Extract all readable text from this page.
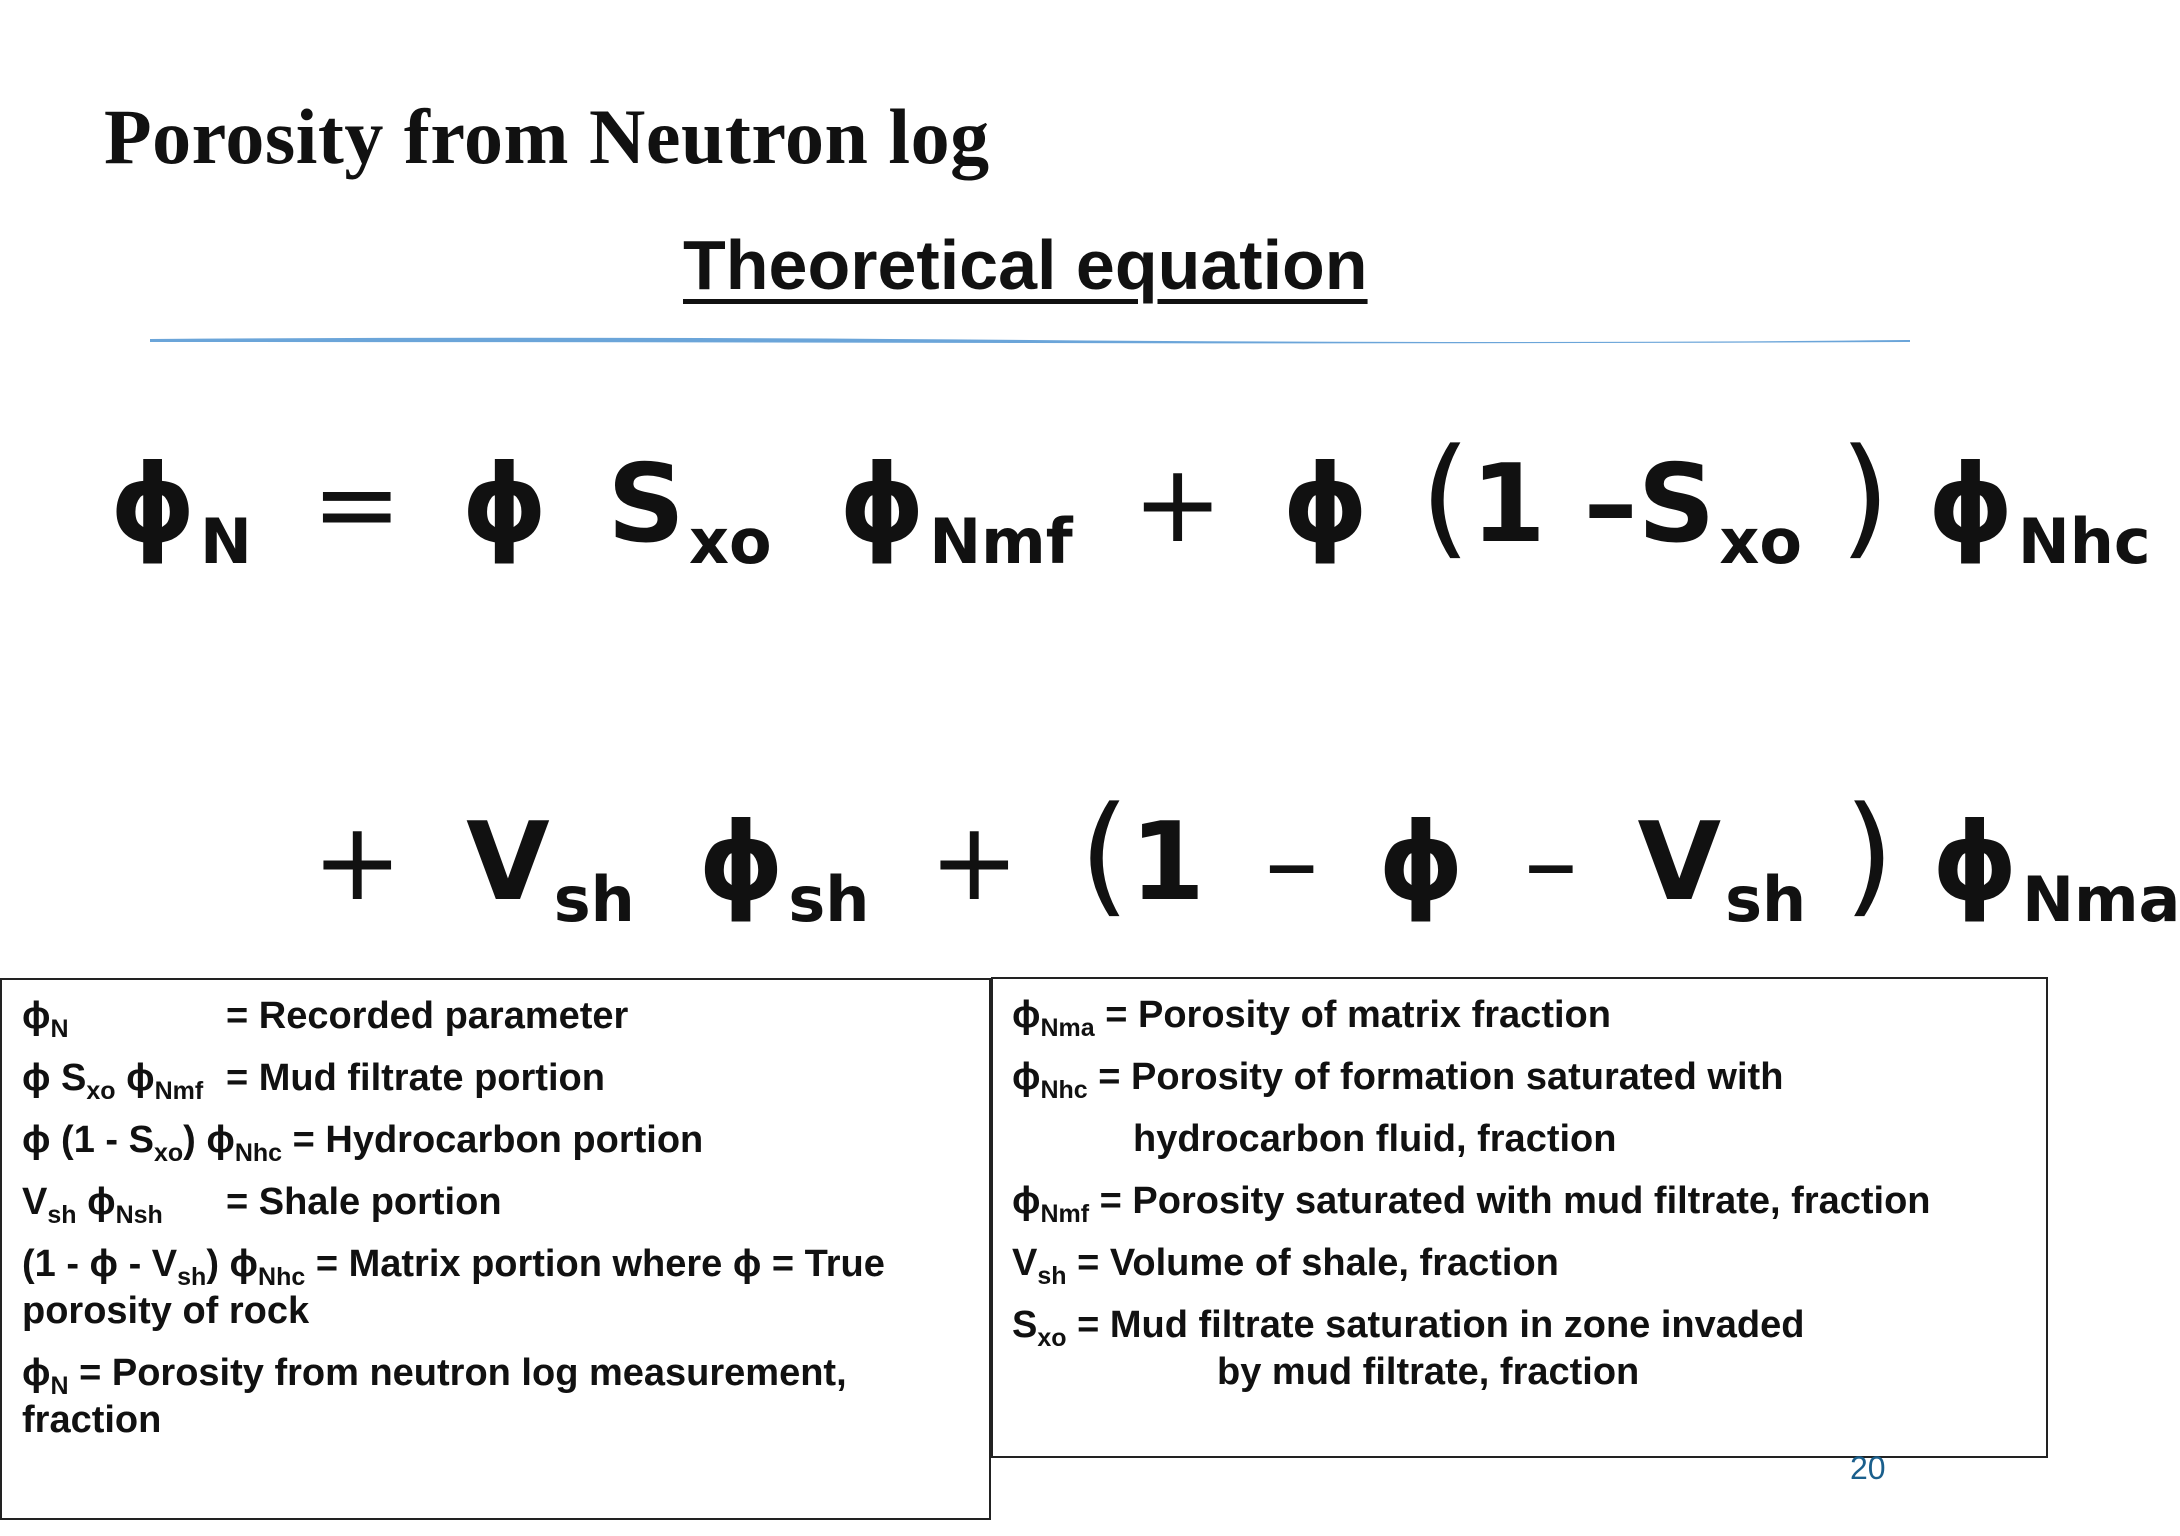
Porosity from Neutron log
Theoretical equation
$\phi_N = \phi$ $S_{xo}$ $\phi_{Nmf} + \phi$ (1 $-S_{xo}$ ) $\phi_{Nhc}$
+ $V_{sh}$ $\phi_{sh} + (1 - \phi - V_{sh}$ ) $\phi_{Nma}$
$\phi_N$	= Recorded parameter
ϕ $S_{xo}$ $\phi_{Nmf}$ = Mud filtrate portion
ϕ $(1 - S_{xo})$ $\phi_{Nhc}$ = Hydrocarbon portion
$V_{sh}$ $\phi_{Nsh}$ = Shale portion
(1 - ϕ - $V_{sh}$) $\phi_{Nhc}$ = Matrix portion where ϕ = True
porosity of rock
$\phi_N$ = Porosity from neutron log measurement,
fraction
$\phi_{Nma}$ = Porosity of matrix fraction
$\phi_{Nhc}$ = Porosity of formation saturated with
hydrocarbon fluid, fraction
$\phi_{Nmf}$ = Porosity saturated with mud filtrate, fraction
$V_{sh}$ = Volume of shale, fraction
$S_{xo}$ = Mud filtrate saturation in zone invaded
by mud filtrate, fraction
20
